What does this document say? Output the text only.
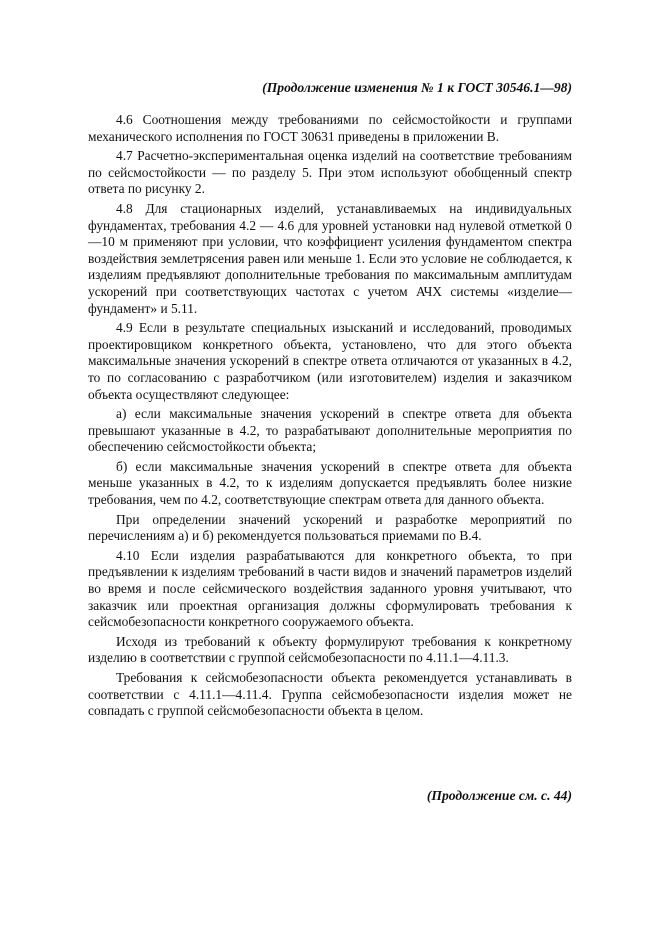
(Продолжение изменения № 1 к ГОСТ 30546.1—98)

4.6 Соотношения между требованиями по сейсмостойкости и группами механического исполнения по ГОСТ 30631 приведены в приложении В.

4.7 Расчетно-экспериментальная оценка изделий на соответствие требованиям по сейсмостойкости — по разделу 5. При этом используют обобщенный спектр ответа по рисунку 2.

4.8 Для стационарных изделий, устанавливаемых на индивидуальных фундаментах, требования 4.2 — 4.6 для уровней установки над нулевой отметкой 0—10 м применяют при условии, что коэффициент усиления фундаментом спектра воздействия землетрясения равен или меньше 1. Если это условие не соблюдается, к изделиям предъявляют дополнительные требования по максимальным амплитудам ускорений при соответствующих частотах с учетом АЧХ системы «изделие—фундамент» и 5.11.

4.9 Если в результате специальных изысканий и исследований, проводимых проектировщиком конкретного объекта, установлено, что для этого объекта максимальные значения ускорений в спектре ответа отличаются от указанных в 4.2, то по согласованию с разработчиком (или изготовителем) изделия и заказчиком объекта осуществляют следующее:

а) если максимальные значения ускорений в спектре ответа для объекта превышают указанные в 4.2, то разрабатывают дополнительные мероприятия по обеспечению сейсмостойкости объекта;

б) если максимальные значения ускорений в спектре ответа для объекта меньше указанных в 4.2, то к изделиям допускается предъявлять более низкие требования, чем по 4.2, соответствующие спектрам ответа для данного объекта.

При определении значений ускорений и разработке мероприятий по перечислениям а) и б) рекомендуется пользоваться приемами по В.4.

4.10 Если изделия разрабатываются для конкретного объекта, то при предъявлении к изделиям требований в части видов и значений параметров изделий во время и после сейсмического воздействия заданного уровня учитывают, что заказчик или проектная организация должны сформулировать требования к сейсмобезопасности конкретного сооружаемого объекта.

Исходя из требований к объекту формулируют требования к конкретному изделию в соответствии с группой сейсмобезопасности по 4.11.1—4.11.3.

Требования к сейсмобезопасности объекта рекомендуется устанавливать в соответствии с 4.11.1—4.11.4. Группа сейсмобезопасности изделия может не совпадать с группой сейсмобезопасности объекта в целом.

(Продолжение см. с. 44)
